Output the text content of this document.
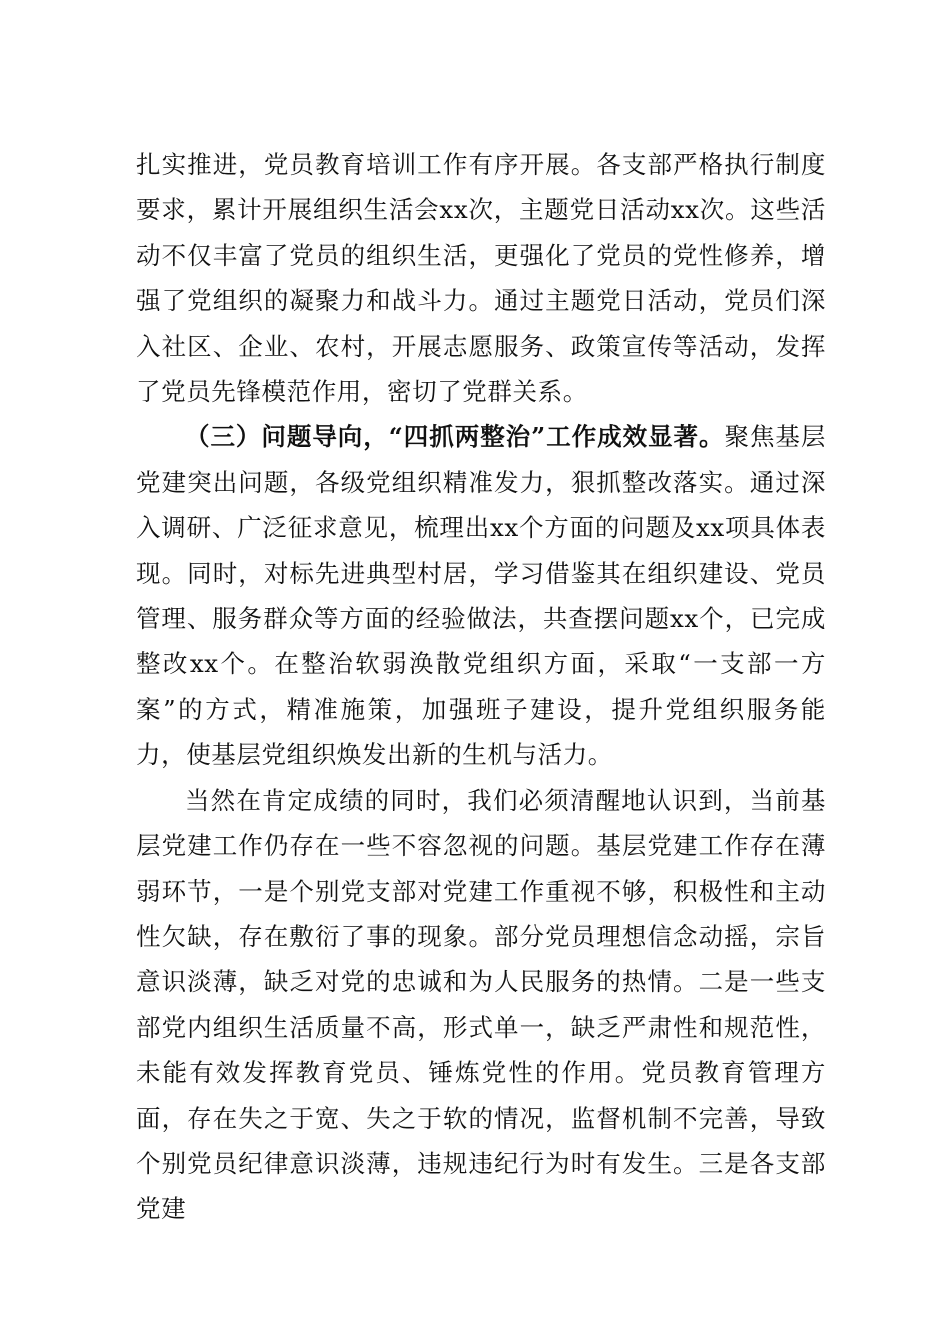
扎实推进，党员教育培训工作有序开展。各支部严格执行制度要求，累计开展组织生活会xx次，主题党日活动xx次。这些活动不仅丰富了党员的组织生活，更强化了党员的党性修养，增强了党组织的凝聚力和战斗力。通过主题党日活动，党员们深入社区、企业、农村，开展志愿服务、政策宣传等活动，发挥了党员先锋模范作用，密切了党群关系。

（三）问题导向，“四抓两整治”工作成效显著。聚焦基层党建突出问题，各级党组织精准发力，狠抓整改落实。通过深入调研、广泛征求意见，梳理出xx个方面的问题及xx项具体表现。同时，对标先进典型村居，学习借鉴其在组织建设、党员管理、服务群众等方面的经验做法，共查摆问题xx个，已完成整改xx个。在整治软弱涣散党组织方面，采取“一支部一方案”的方式，精准施策，加强班子建设，提升党组织服务能力，使基层党组织焕发出新的生机与活力。

当然在肯定成绩的同时，我们必须清醒地认识到，当前基层党建工作仍存在一些不容忽视的问题。基层党建工作存在薄弱环节，一是个别党支部对党建工作重视不够，积极性和主动性欠缺，存在敷衍了事的现象。部分党员理想信念动摇，宗旨意识淡薄，缺乏对党的忠诚和为人民服务的热情。二是一些支部党内组织生活质量不高，形式单一，缺乏严肃性和规范性，未能有效发挥教育党员、锤炼党性的作用。党员教育管理方面，存在失之于宽、失之于软的情况，监督机制不完善，导致个别党员纪律意识淡薄，违规违纪行为时有发生。三是各支部党建
